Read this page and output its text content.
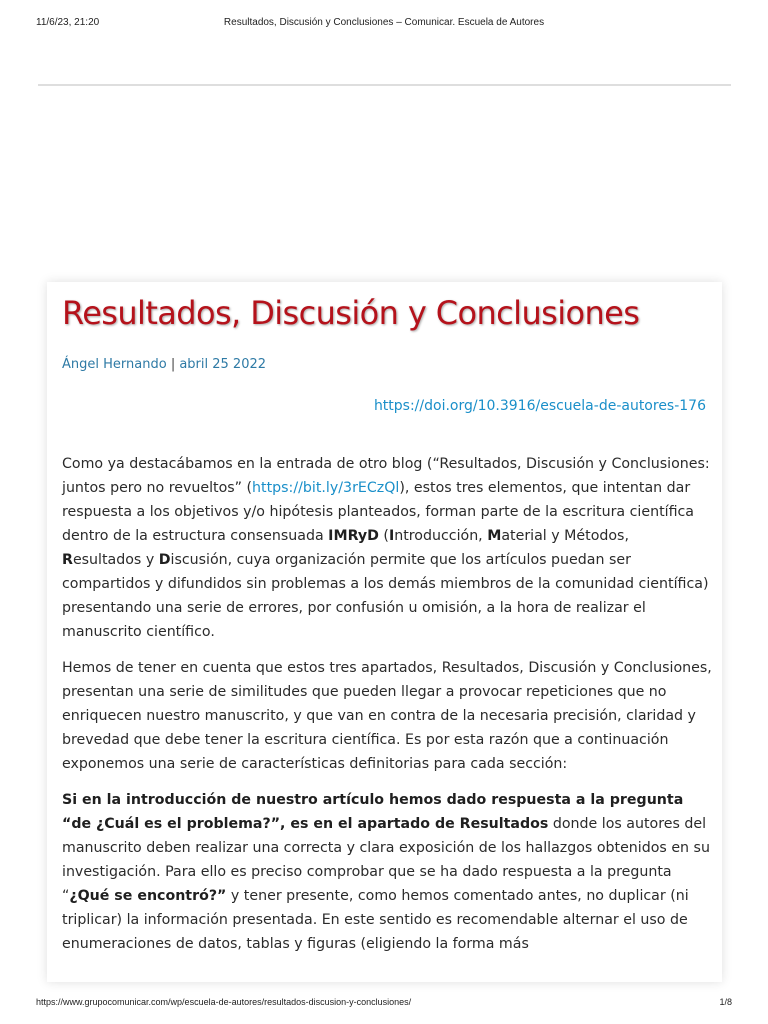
11/6/23, 21:20	Resultados, Discusión y Conclusiones – Comunicar. Escuela de Autores
Resultados, Discusión y Conclusiones
Ángel Hernando | abril 25 2022
https://doi.org/10.3916/escuela-de-autores-176

Como ya destacábamos en la entrada de otro blog (“Resultados, Discusión y Conclusiones: juntos pero no revueltos” (https://bit.ly/3rECzQl), estos tres elementos, que intentan dar respuesta a los objetivos y/o hipótesis planteados, forman parte de la escritura científica dentro de la estructura consensuada IMRyD (Introducción, Material y Métodos, Resultados y Discusión, cuya organización permite que los artículos puedan ser compartidos y difundidos sin problemas a los demás miembros de la comunidad científica) presentando una serie de errores, por confusión u omisión, a la hora de realizar el manuscrito científico.

Hemos de tener en cuenta que estos tres apartados, Resultados, Discusión y Conclusiones, presentan una serie de similitudes que pueden llegar a provocar repeticiones que no enriquecen nuestro manuscrito, y que van en contra de la necesaria precisión, claridad y brevedad que debe tener la escritura científica. Es por esta razón que a continuación exponemos una serie de características definitorias para cada sección:

Si en la introducción de nuestro artículo hemos dado respuesta a la pregunta “de ¿Cuál es el problema?”, es en el apartado de Resultados donde los autores del manuscrito deben realizar una correcta y clara exposición de los hallazgos obtenidos en su investigación. Para ello es preciso comprobar que se ha dado respuesta a la pregunta “¿Qué se encontró?” y tener presente, como hemos comentado antes, no duplicar (ni triplicar) la información presentada. En este sentido es recomendable alternar el uso de enumeraciones de datos, tablas y figuras (eligiendo la forma más

https://www.grupocomunicar.com/wp/escuela-de-autores/resultados-discusion-y-conclusiones/	1/8
